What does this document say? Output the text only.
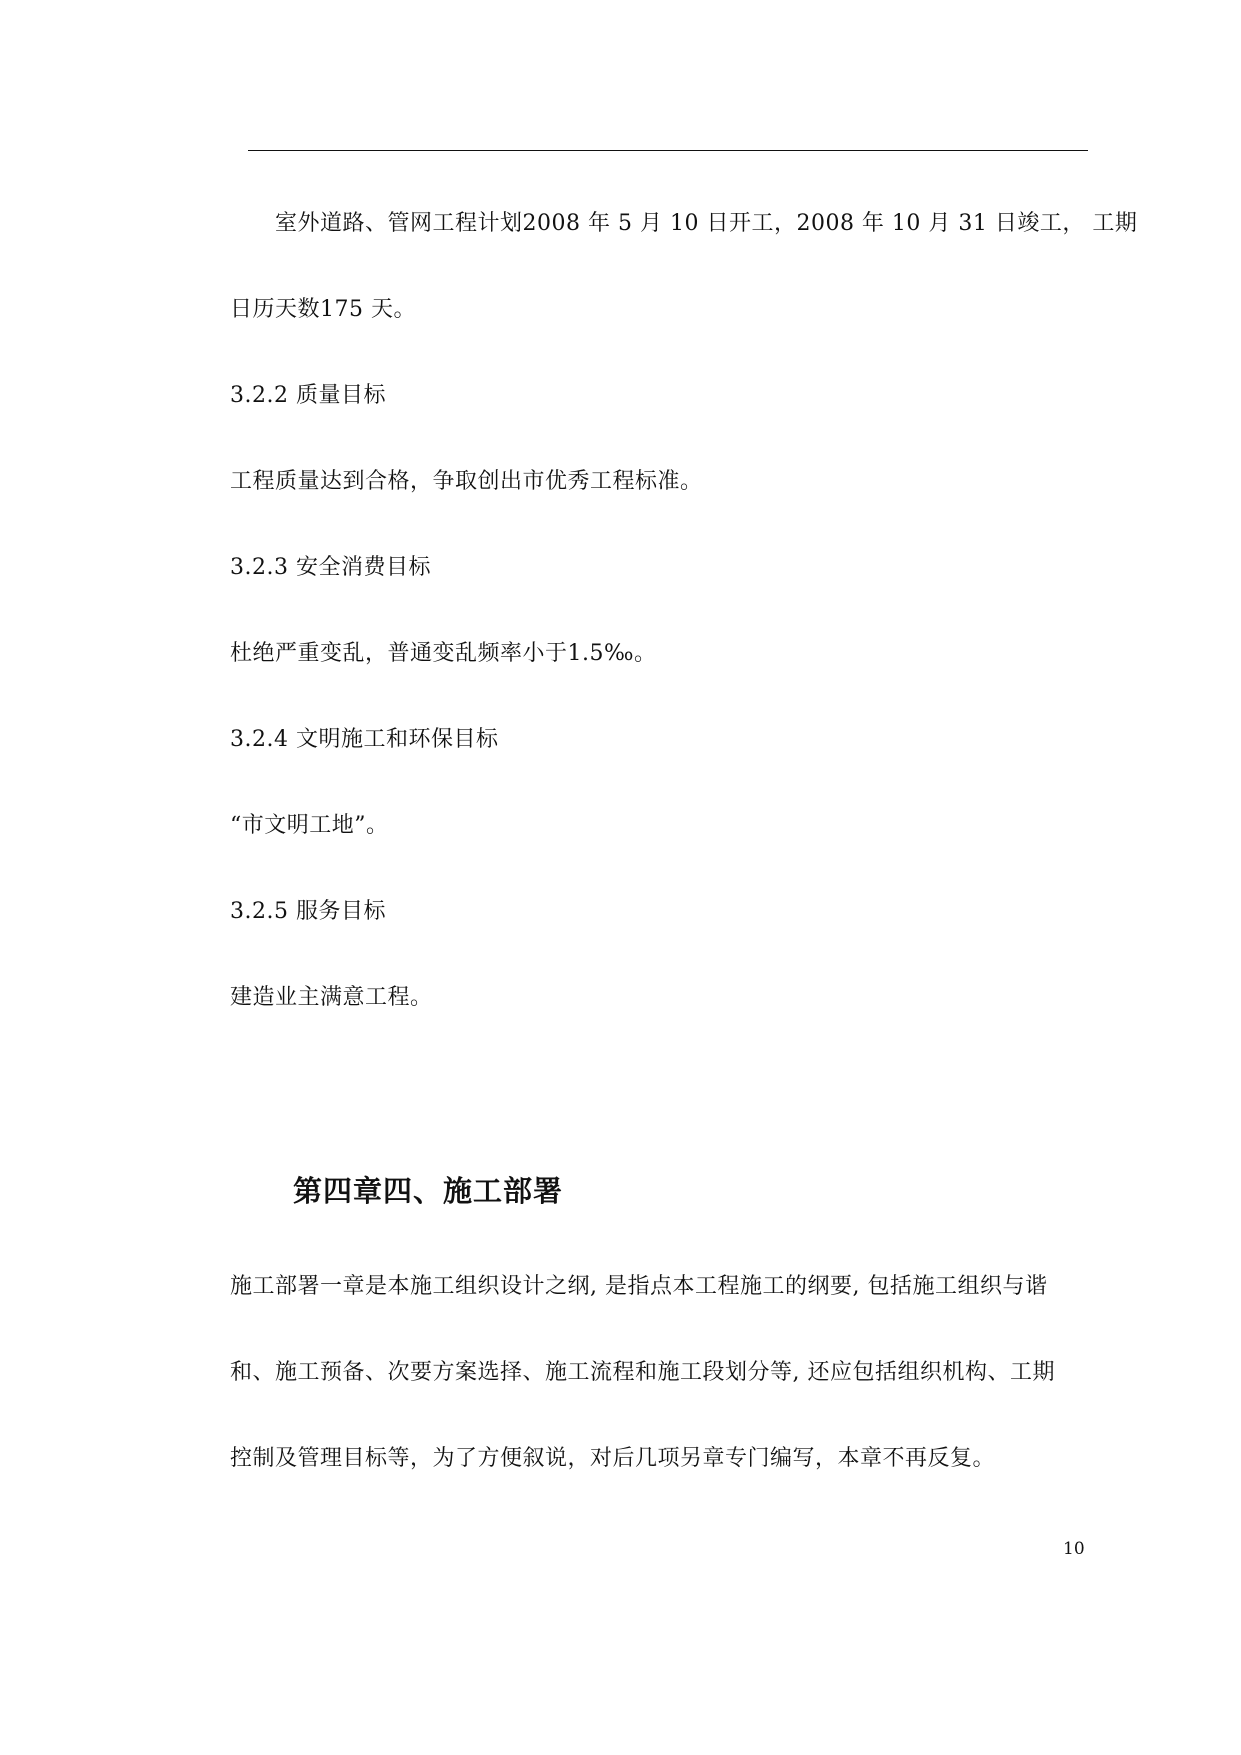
室外道路、管网工程计划2008 年 5 月 10 日开工，2008 年 10 月 31 日竣工， 工期
日历天数175 天。
3.2.2 质量目标
工程质量达到合格，争取创出市优秀工程标准。
3.2.3 安全消费目标
杜绝严重变乱，普通变乱频率小于1.5‰。
3.2.4 文明施工和环保目标
“市文明工地”。
3.2.5 服务目标
建造业主满意工程。
第四章四、施工部署
施工部署一章是本施工组织设计之纲, 是指点本工程施工的纲要, 包括施工组织与谐
和、施工预备、次要方案选择、施工流程和施工段划分等, 还应包括组织机构、工期
控制及管理目标等，为了方便叙说，对后几项另章专门编写，本章不再反复。
10
